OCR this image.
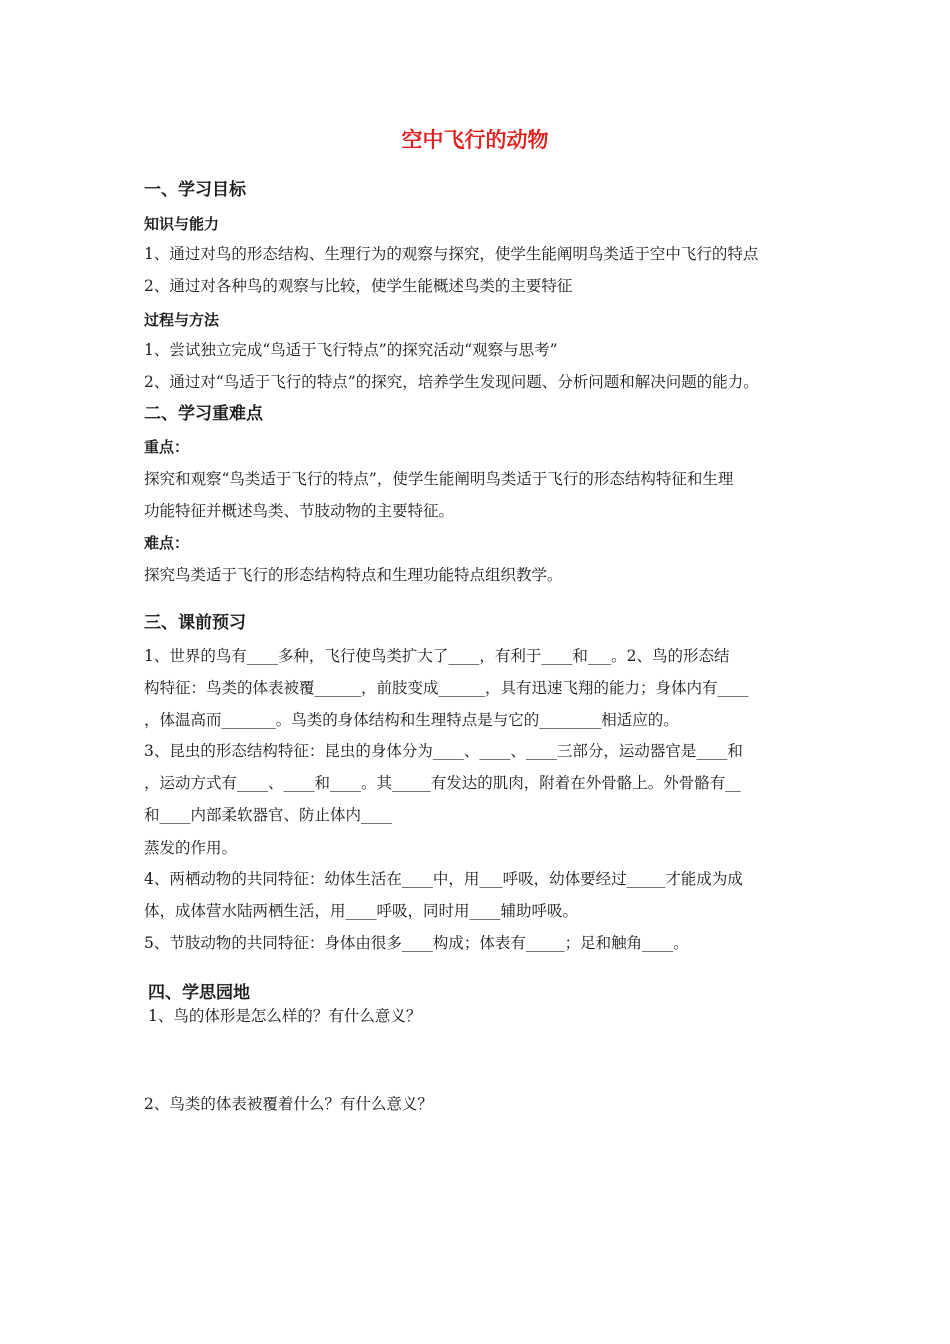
空中飞行的动物
一、学习目标
知识与能力
1、通过对鸟的形态结构、生理行为的观察与探究，使学生能阐明鸟类适于空中飞行的特点
2、通过对各种鸟的观察与比较，使学生能概述鸟类的主要特征
过程与方法
1、尝试独立完成“鸟适于飞行特点”的探究活动“观察与思考”
2、通过对“鸟适于飞行的特点”的探究，培养学生发现问题、分析问题和解决问题的能力。
二、学习重难点
重点：
探究和观察“鸟类适于飞行的特点”，使学生能阐明鸟类适于飞行的形态结构特征和生理
功能特征并概述鸟类、节肢动物的主要特征。
难点：
探究鸟类适于飞行的形态结构特点和生理功能特点组织教学。
三、课前预习
1、世界的鸟有____多种，飞行使鸟类扩大了____，有利于____和___。2、鸟的形态结
构特征：鸟类的体表被覆______，前肢变成______，具有迅速飞翔的能力；身体内有____
，体温高而_______。鸟类的身体结构和生理特点是与它的________相适应的。
3、昆虫的形态结构特征：昆虫的身体分为____、____、____三部分，运动器官是____和
，运动方式有____、____和____。其_____有发达的肌肉，附着在外骨骼上。外骨骼有__
和____内部柔软器官、防止体内____
蒸发的作用。
4、两栖动物的共同特征：幼体生活在____中，用___呼吸，幼体要经过_____才能成为成
体，成体营水陆两栖生活，用____呼吸，同时用____辅助呼吸。
5、节肢动物的共同特征：身体由很多____构成；体表有_____；足和触角____。
四、学思园地
1、鸟的体形是怎么样的？有什么意义？
2、鸟类的体表被覆着什么？有什么意义？
